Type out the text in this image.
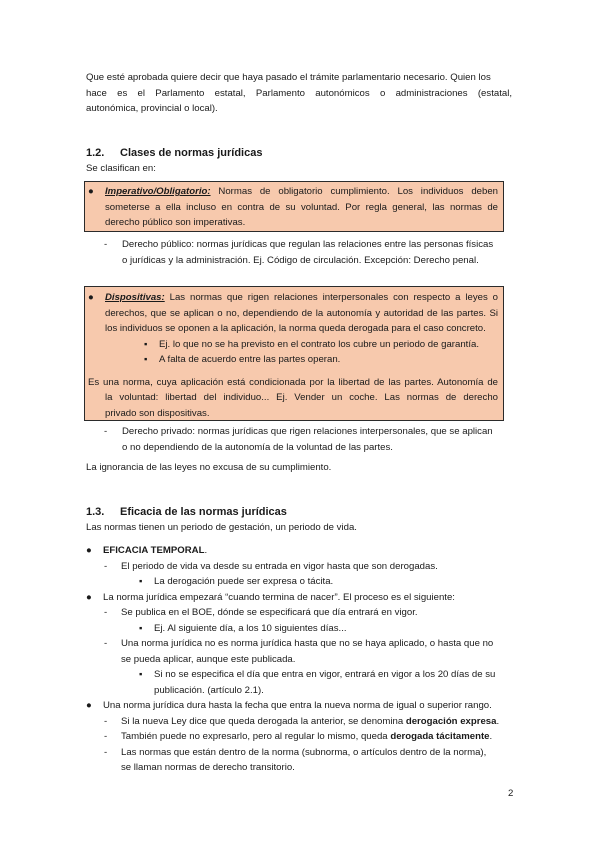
Que esté aprobada quiere decir que haya pasado el trámite parlamentario necesario. Quien los
hace es el Parlamento estatal, Parlamento autonómicos o administraciones (estatal,
autonómica, provincial o local).
1.2. Clases de normas jurídicas
Se clasifican en:
● Imperativo/Obligatorio: Normas de obligatorio cumplimiento. Los individuos deben
someterse a ella incluso en contra de su voluntad. Por regla general, las normas de
derecho público son imperativas.
- Derecho público: normas jurídicas que regulan las relaciones entre las personas físicas
o jurídicas y la administración. Ej. Código de circulación. Excepción: Derecho penal.
● Dispositivas: Las normas que rigen relaciones interpersonales con respecto a leyes o
derechos, que se aplican o no, dependiendo de la autonomía y autoridad de las partes. Si
los individuos se oponen a la aplicación, la norma queda derogada para el caso concreto.
▪ Ej. lo que no se ha previsto en el contrato los cubre un periodo de garantía.
▪ A falta de acuerdo entre las partes operan.
Es una norma, cuya aplicación está condicionada por la libertad de las partes. Autonomía de
la voluntad: libertad del individuo... Ej. Vender un coche. Las normas de derecho
privado son dispositivas.
- Derecho privado: normas jurídicas que rigen relaciones interpersonales, que se aplican
o no dependiendo de la autonomía de la voluntad de las partes.
La ignorancia de las leyes no excusa de su cumplimiento.
1.3. Eficacia de las normas jurídicas
Las normas tienen un periodo de gestación, un periodo de vida.
● EFICACIA TEMPORAL.
- El periodo de vida va desde su entrada en vigor hasta que son derogadas.
▪ La derogación puede ser expresa o tácita.
● La norma jurídica empezará “cuando termina de nacer”. El proceso es el siguiente:
- Se publica en el BOE, dónde se especificará que día entrará en vigor.
▪ Ej. Al siguiente día, a los 10 siguientes días...
- Una norma jurídica no es norma jurídica hasta que no se haya aplicado, o hasta que no
se pueda aplicar, aunque este publicada.
▪ Si no se especifica el día que entra en vigor, entrará en vigor a los 20 días de su
publicación. (artículo 2.1).
● Una norma jurídica dura hasta la fecha que entra la nueva norma de igual o superior rango.
- Si la nueva Ley dice que queda derogada la anterior, se denomina derogación expresa.
- También puede no expresarlo, pero al regular lo mismo, queda derogada tácitamente.
- Las normas que están dentro de la norma (subnorma, o artículos dentro de la norma),
se llaman normas de derecho transitorio.
2
